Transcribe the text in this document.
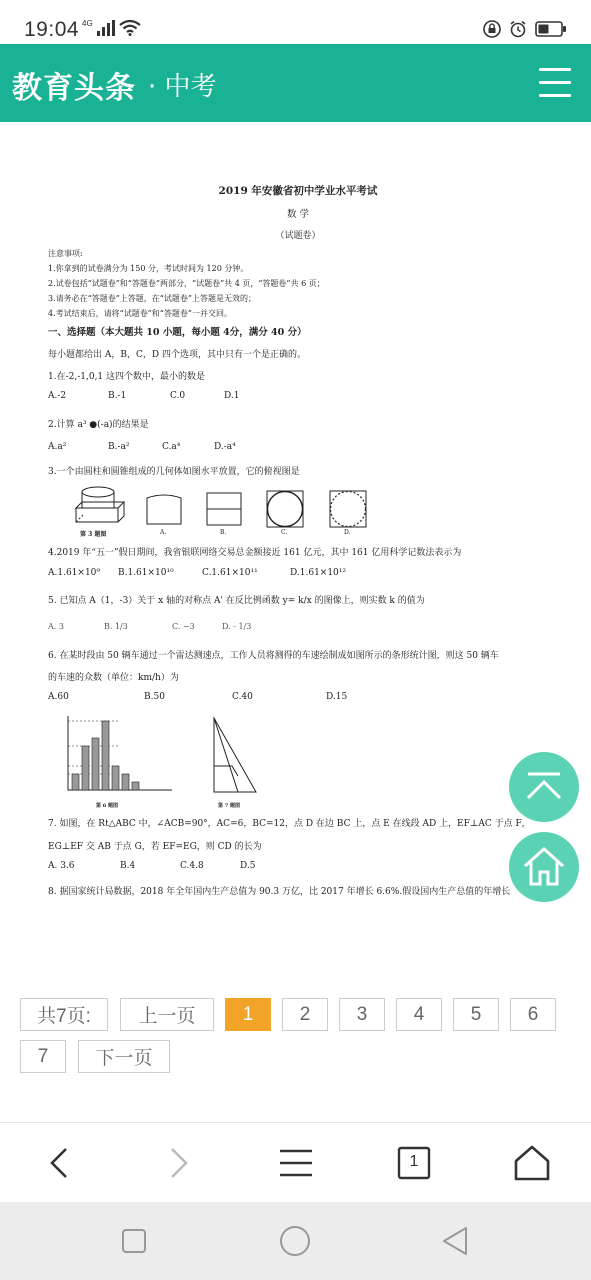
19:04 4G
教育头条 · 中考
2019 年安徽省初中学业水平考试
数 学
（试题卷）
注意事项:
1.你拿到的试卷满分为 150 分，考试时间为 120 分钟。
2.试卷包括“试题卷”和“答题卷”两部分，“试题卷”共 4 页，“答题卷”共 6 页；
3.请务必在“答题卷”上答题，在“试题卷”上答题是无效的；
4.考试结束后，请将“试题卷”和“答题卷”一并交回。
一、选择题（本大题共 10 小题，每小题 4分，满分 40 分）
每小题都给出 A，B，C，D 四个选项，其中只有一个是正确的。
1.在-2,-1,0,1 这四个数中，最小的数是
A.-2	B.-1	C.0	D.1
2.计算 a³ ●(-a)的结果是
A.a²	B.-a²	C.a⁴	D.-a⁴
3.一个由圆柱和圆锥组成的几何体如图水平放置，它的俯视图是
第 3 题图	A.	B.	C.	D.
4.2019 年“五一”假日期间，我省银联网络交易总金额接近 161 亿元，其中 161 亿用科学记数法表示为
A.1.61×10⁹ B.1.61×10¹⁰	C.1.61×10¹¹	D.1.61×10¹²
5. 已知点 A（1，-3）关于 x 轴的对称点 A' 在反比例函数 y= k/x 的图像上，则实数 k 的值为
A. 3	B. 1/3	C. −3	D. - 1/3
6. 在某时段由 50 辆车通过一个雷达测速点，工作人员将测得的车速绘制成如图所示的条形统计图，则这 50 辆车
的车速的众数（单位：km/h）为
A.60	B.50	C.40	D.15
第 6 题图	第 7 题图
7. 如图，在 Rt△ABC 中，∠ACB=90°，AC=6，BC=12，点 D 在边 BC 上，点 E 在线段 AD 上，EF⊥AC 于点 F，
EG⊥EF 交 AB 于点 G，若 EF=EG，则 CD 的长为
A. 3.6	B.4	C.4.8	D.5
8. 据国家统计局数据，2018 年全年国内生产总值为 90.3 万亿，比 2017 年增长 6.6%.假设国内生产总值的年增长
共7页:	上一页	1	2	3	4	5	6
7	下一页
1
